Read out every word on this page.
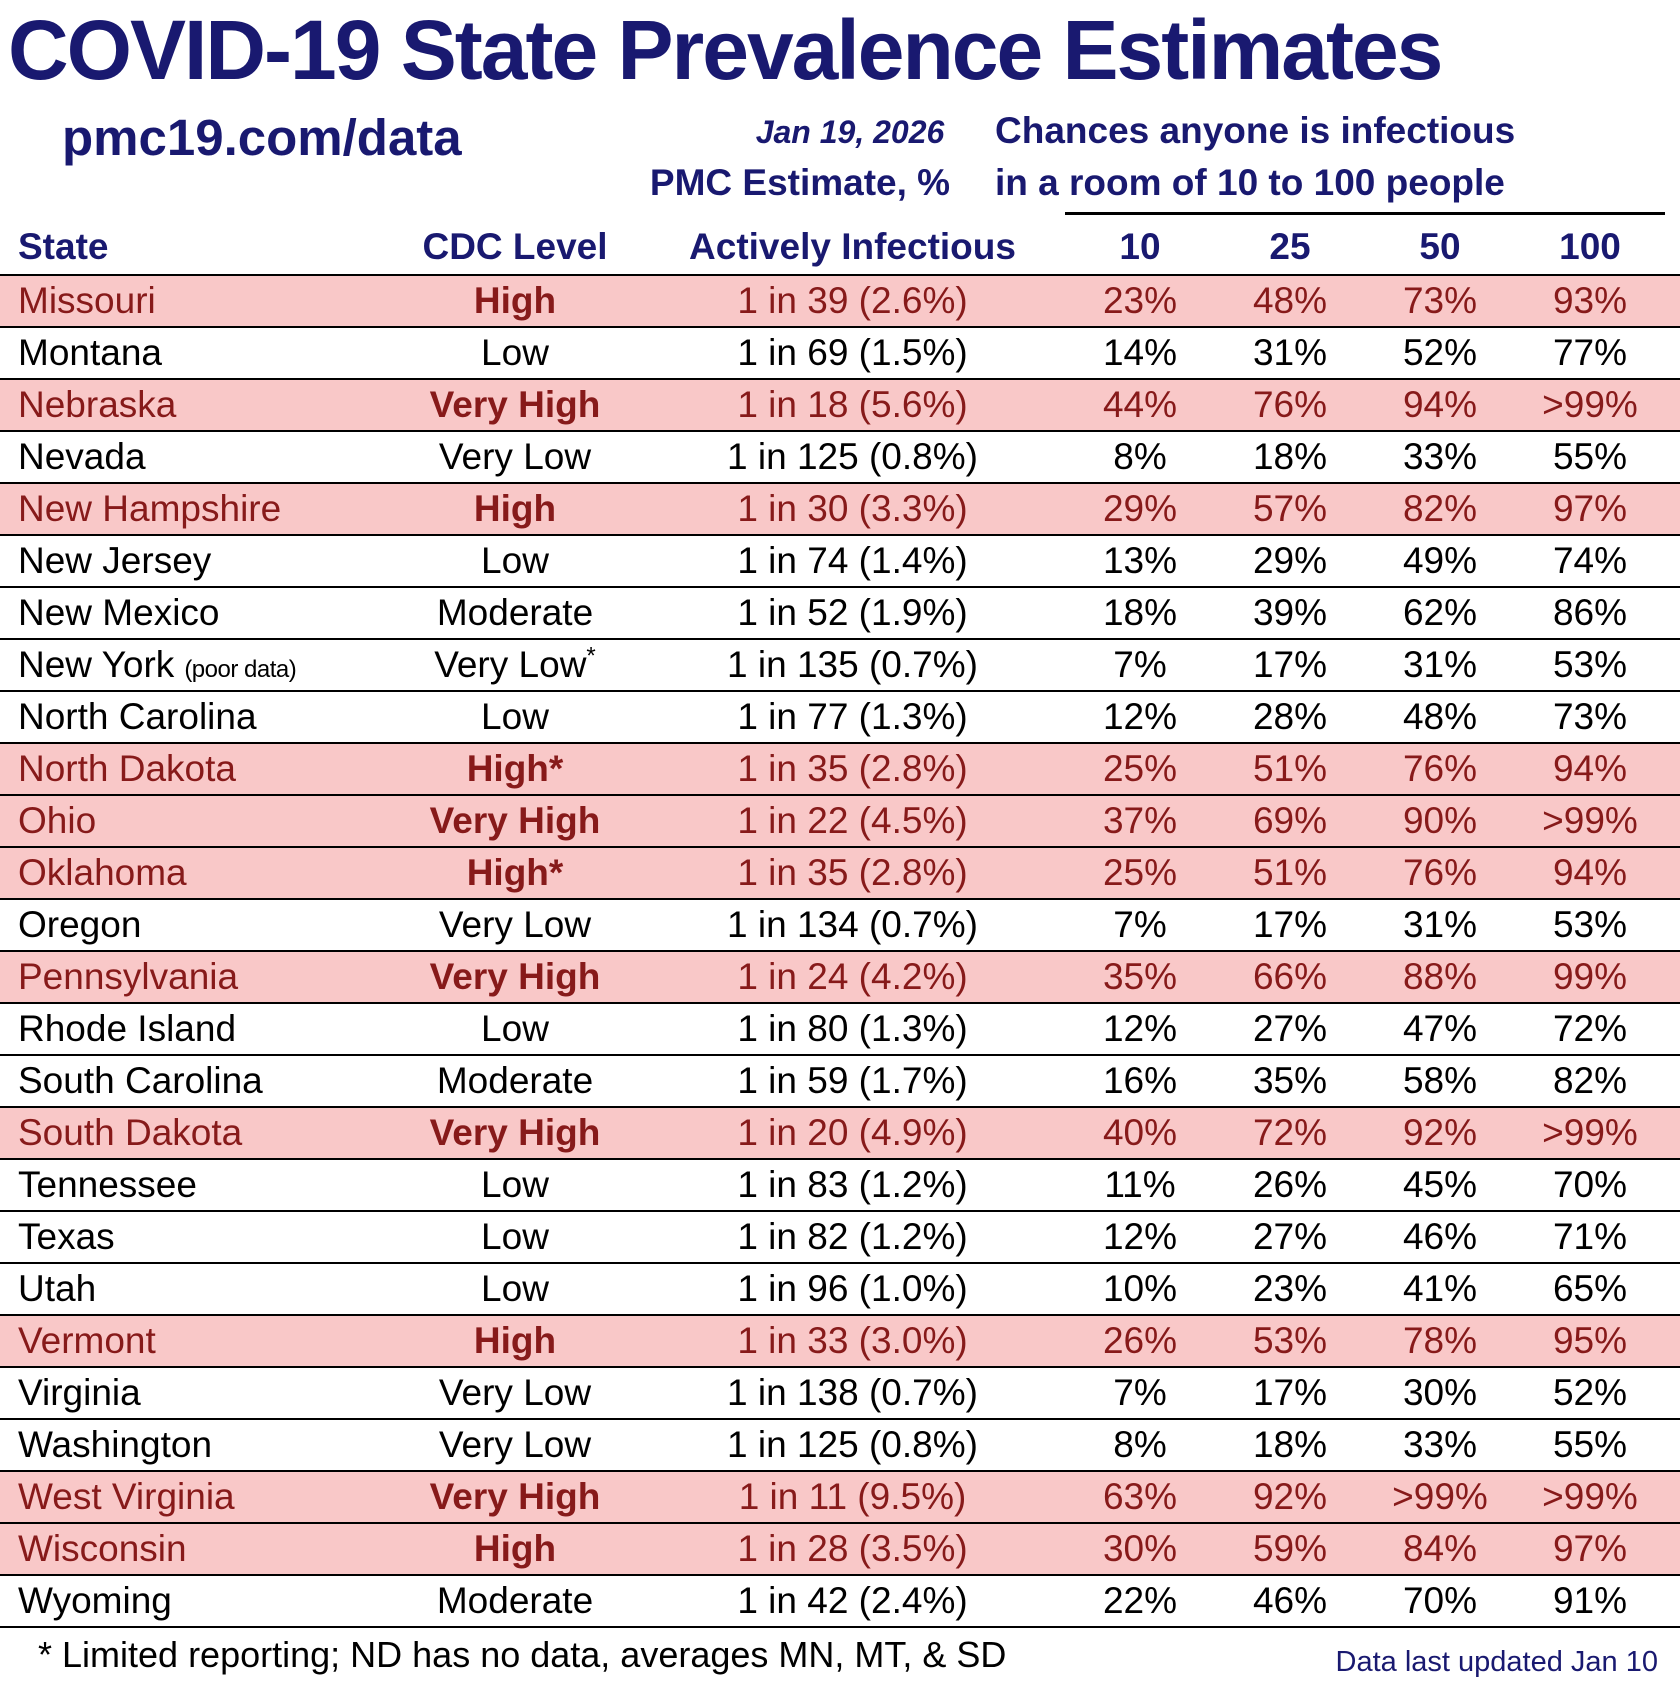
COVID-19 State Prevalence Estimates
pmc19.com/data	Jan 19, 2026
PMC Estimate, %
Chances anyone is infectious
in a room of 10 to 100 people
State	CDC Level	Actively Infectious	10	25	50	100
Missouri	High	1 in 39 (2.6%)	23%	48%	73%	93%
Montana	Low	1 in 69 (1.5%)	14%	31%	52%	77%
Nebraska	Very High	1 in 18 (5.6%)	44%	76%	94%	>99%
Nevada	Very Low	1 in 125 (0.8%)	8%	18%	33%	55%
New Hampshire	High	1 in 30 (3.3%)	29%	57%	82%	97%
New Jersey	Low	1 in 74 (1.4%)	13%	29%	49%	74%
New Mexico	Moderate	1 in 52 (1.9%)	18%	39%	62%	86%
New York (poor data)	Very Low*	1 in 135 (0.7%)	7%	17%	31%	53%
North Carolina	Low	1 in 77 (1.3%)	12%	28%	48%	73%
North Dakota	High*	1 in 35 (2.8%)	25%	51%	76%	94%
Ohio	Very High	1 in 22 (4.5%)	37%	69%	90%	>99%
Oklahoma	High*	1 in 35 (2.8%)	25%	51%	76%	94%
Oregon	Very Low	1 in 134 (0.7%)	7%	17%	31%	53%
Pennsylvania	Very High	1 in 24 (4.2%)	35%	66%	88%	99%
Rhode Island	Low	1 in 80 (1.3%)	12%	27%	47%	72%
South Carolina	Moderate	1 in 59 (1.7%)	16%	35%	58%	82%
South Dakota	Very High	1 in 20 (4.9%)	40%	72%	92%	>99%
Tennessee	Low	1 in 83 (1.2%)	11%	26%	45%	70%
Texas	Low	1 in 82 (1.2%)	12%	27%	46%	71%
Utah	Low	1 in 96 (1.0%)	10%	23%	41%	65%
Vermont	High	1 in 33 (3.0%)	26%	53%	78%	95%
Virginia	Very Low	1 in 138 (0.7%)	7%	17%	30%	52%
Washington	Very Low	1 in 125 (0.8%)	8%	18%	33%	55%
West Virginia	Very High	1 in 11 (9.5%)	63%	92%	>99%	>99%
Wisconsin	High	1 in 28 (3.5%)	30%	59%	84%	97%
Wyoming	Moderate	1 in 42 (2.4%)	22%	46%	70%	91%
* Limited reporting; ND has no data, averages MN, MT, & SD	Data last updated Jan 10
